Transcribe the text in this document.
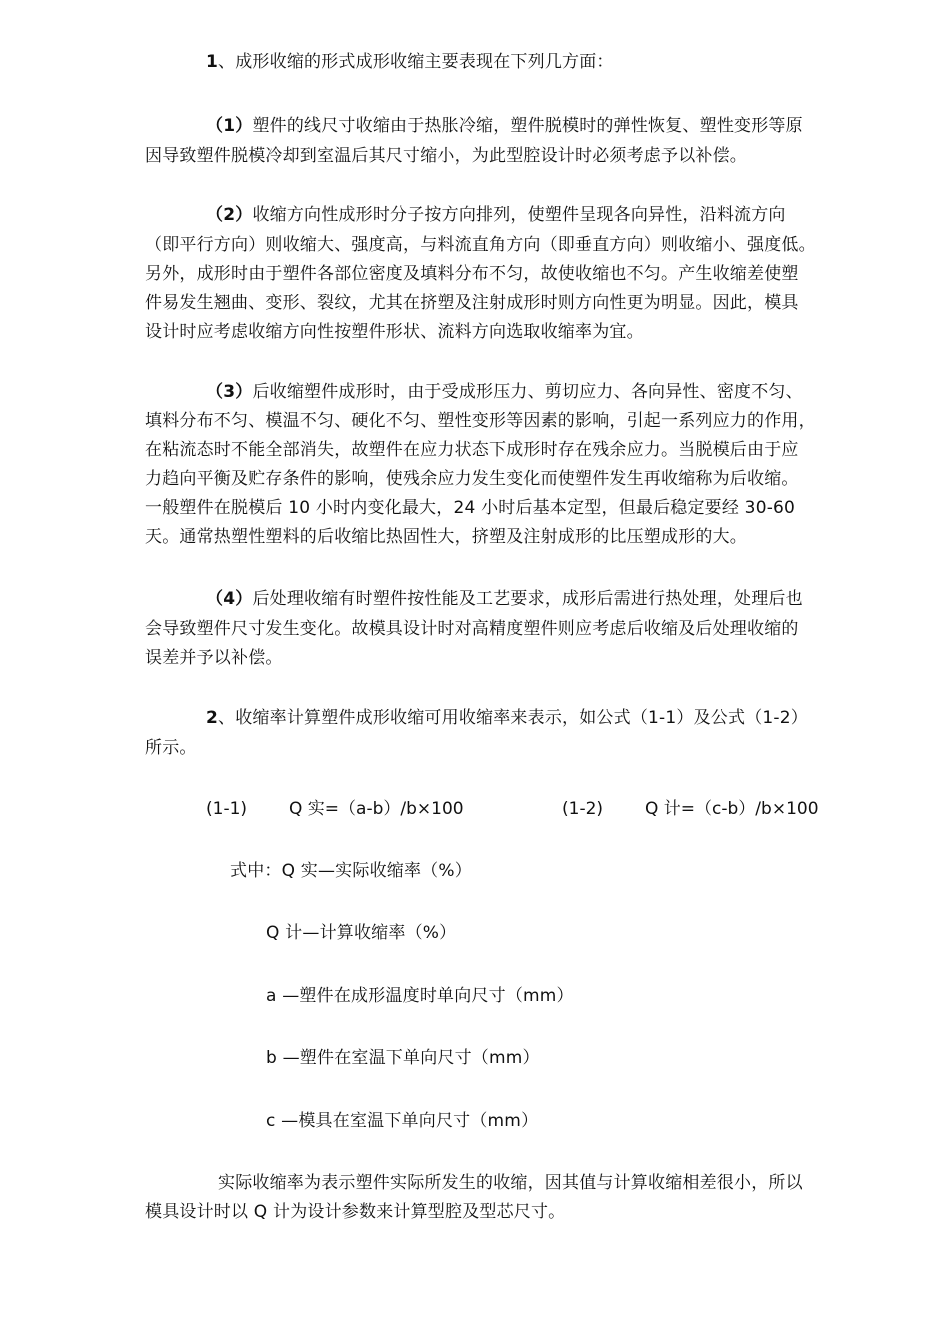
1、成形收缩的形式成形收缩主要表现在下列几方面：
（1）塑件的线尺寸收缩由于热胀冷缩，塑件脱模时的弹性恢复、塑性变形等原
因导致塑件脱模冷却到室温后其尺寸缩小，为此型腔设计时必须考虑予以补偿。
（2）收缩方向性成形时分子按方向排列，使塑件呈现各向异性，沿料流方向
（即平行方向）则收缩大、强度高，与料流直角方向（即垂直方向）则收缩小、强度低。
另外，成形时由于塑件各部位密度及填料分布不匀，故使收缩也不匀。产生收缩差使塑
件易发生翘曲、变形、裂纹，尤其在挤塑及注射成形时则方向性更为明显。因此，模具
设计时应考虑收缩方向性按塑件形状、流料方向选取收缩率为宜。
（3）后收缩塑件成形时，由于受成形压力、剪切应力、各向异性、密度不匀、
填料分布不匀、模温不匀、硬化不匀、塑性变形等因素的影响，引起一系列应力的作用，
在粘流态时不能全部消失，故塑件在应力状态下成形时存在残余应力。当脱模后由于应
力趋向平衡及贮存条件的影响，使残余应力发生变化而使塑件发生再收缩称为后收缩。
一般塑件在脱模后 10 小时内变化最大，24 小时后基本定型，但最后稳定要经 30-60
天。通常热塑性塑料的后收缩比热固性大，挤塑及注射成形的比压塑成形的大。
（4）后处理收缩有时塑件按性能及工艺要求，成形后需进行热处理，处理后也
会导致塑件尺寸发生变化。故模具设计时对高精度塑件则应考虑后收缩及后处理收缩的
误差并予以补偿。
2、收缩率计算塑件成形收缩可用收缩率来表示，如公式（1-1）及公式（1-2）
所示。
(1-1) Q 实=（a-b）/b×100	(1-2) Q 计=（c-b）/b×100
式中：Q 实—实际收缩率（%）
Q 计—计算收缩率（%）
a —塑件在成形温度时单向尺寸（mm）
b —塑件在室温下单向尺寸（mm）
c —模具在室温下单向尺寸（mm）
实际收缩率为表示塑件实际所发生的收缩，因其值与计算收缩相差很小，所以
模具设计时以 Q 计为设计参数来计算型腔及型芯尺寸。
